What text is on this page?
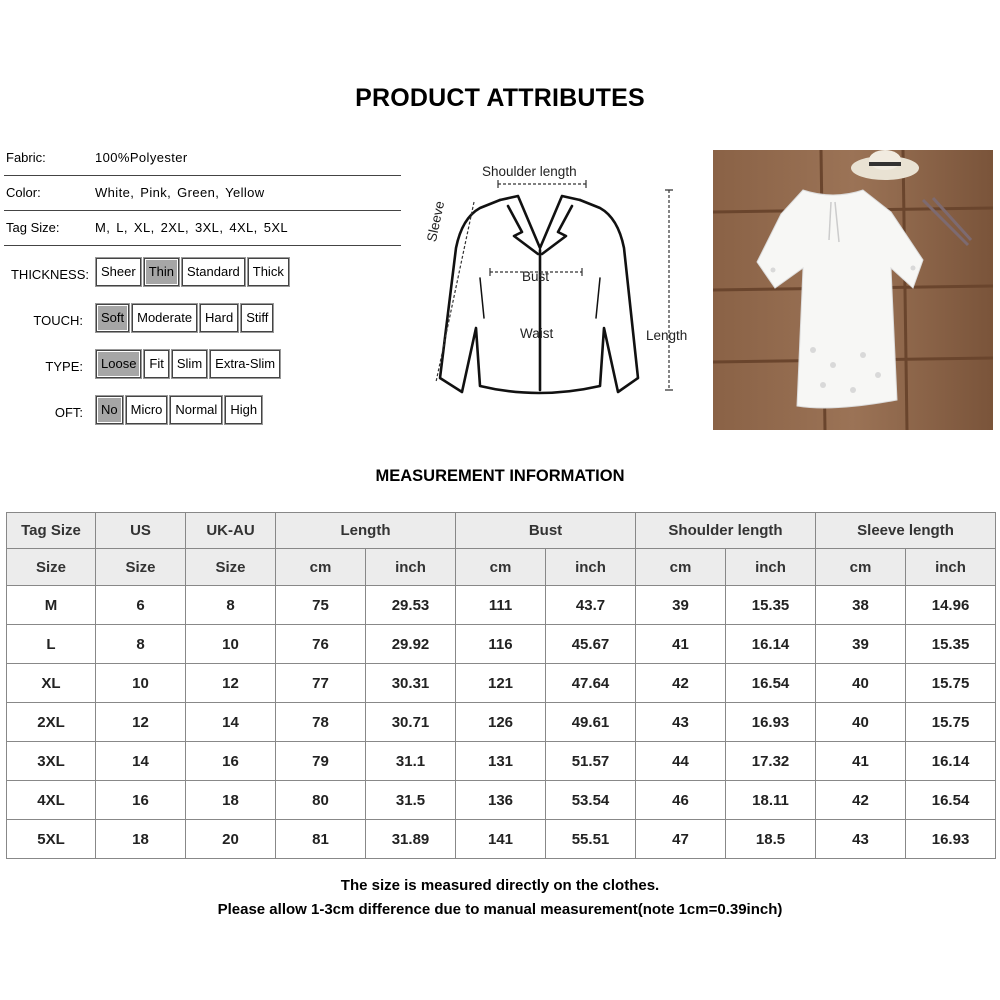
PRODUCT ATTRIBUTES
Fabric:	100%Polyester
Color:	White, Pink, Green, Yellow
Tag Size:	M, L, XL, 2XL, 3XL, 4XL, 5XL
THICKNESS: Sheer	Thin	Standard	Thick
TOUCH:	Soft	Moderate	Hard	Stiff
TYPE:	Loose	Fit	Slim	Extra-Slim
OFT:	No	Micro	Normal	High
Shoulder length
Sleeve
Bust
Waist	Length
MEASUREMENT INFORMATION
Tag Size	US	UK-AU	Length		Bust		Shoulder length		Sleeve length	
Size	Size	Size	cm	inch	cm	inch	cm	inch	cm	inch
M	6	8	75	29.53	111	43.7	39	15.35	38	14.96
L	8	10	76	29.92	116	45.67	41	16.14	39	15.35
XL	10	12	77	30.31	121	47.64	42	16.54	40	15.75
2XL	12	14	78	30.71	126	49.61	43	16.93	40	15.75
3XL	14	16	79	31.1	131	51.57	44	17.32	41	16.14
4XL	16	18	80	31.5	136	53.54	46	18.11	42	16.54
5XL	18	20	81	31.89	141	55.51	47	18.5	43	16.93
The size is measured directly on the clothes.
Please allow 1-3cm difference due to manual measurement(note 1cm=0.39inch)
